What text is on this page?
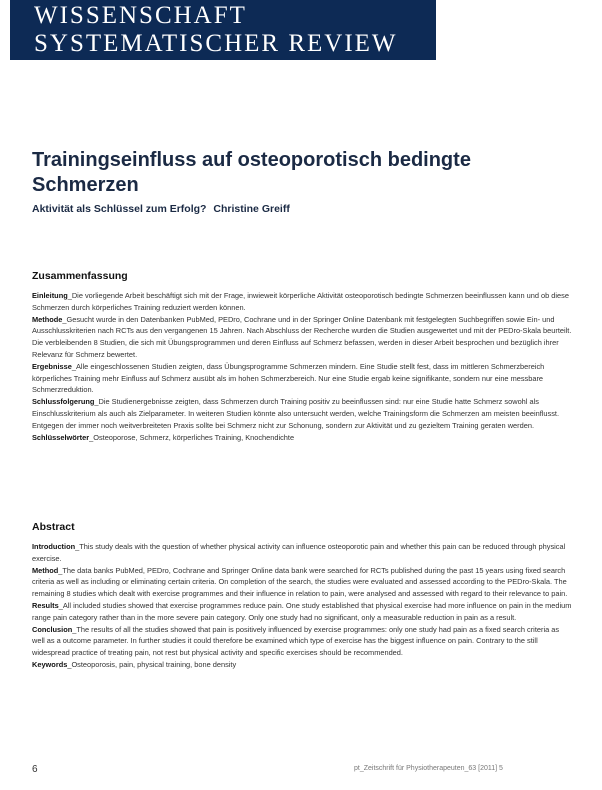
WISSENSCHAFT
SYSTEMATISCHER REVIEW
Trainingseinfluss auf osteoporotisch bedingte Schmerzen
Aktivität als Schlüssel zum Erfolg? Christine Greiff
Zusammenfassung

Einleitung_Die vorliegende Arbeit beschäftigt sich mit der Frage, inwieweit körperliche Aktivität osteoporotisch bedingte Schmerzen beeinflussen kann und ob diese Schmerzen durch körperliches Training reduziert werden können.

Methode_Gesucht wurde in den Datenbanken PubMed, PEDro, Cochrane und in der Springer Online Datenbank mit festgelegten Suchbegriffen sowie Ein- und Ausschlusskriterien nach RCTs aus den vergangenen 15 Jahren. Nach Abschluss der Recherche wurden die Studien ausgewertet und mit der PEDro-Skala beurteilt. Die verbleibenden 8 Studien, die sich mit Übungsprogrammen und deren Einfluss auf Schmerz befassen, werden in dieser Arbeit besprochen und bezüglich ihrer Relevanz für Schmerz bewertet.

Ergebnisse_Alle eingeschlossenen Studien zeigten, dass Übungsprogramme Schmerzen mindern. Eine Studie stellt fest, dass im mittleren Schmerzbereich körperliches Training mehr Einfluss auf Schmerz ausübt als im hohen Schmerzbereich. Nur eine Studie ergab keine signifikante, sondern nur eine messbare Schmerzreduktion.

Schlussfolgerung_Die Studienergebnisse zeigten, dass Schmerzen durch Training positiv zu beeinflussen sind: nur eine Studie hatte Schmerz sowohl als Einschlusskriterium als auch als Zielparameter. In weiteren Studien könnte also untersucht werden, welche Trainingsform die Schmerzen am meisten beeinflusst. Entgegen der immer noch weitverbreiteten Praxis sollte bei Schmerz nicht zur Schonung, sondern zur Aktivität und zu gezieltem Training geraten werden.

Schlüsselwörter_Osteoporose, Schmerz, körperliches Training, Knochendichte

Abstract

Introduction_This study deals with the question of whether physical activity can influence osteoporotic pain and whether this pain can be reduced through physical exercise.

Method_The data banks PubMed, PEDro, Cochrane and Springer Online data bank were searched for RCTs published during the past 15 years using fixed search criteria as well as including or eliminating certain criteria. On completion of the search, the studies were evaluated and assessed according to the PEDro-Skala. The remaining 8 studies which dealt with exercise programmes and their influence in relation to pain, were analysed and assessed with regard to their relevance to pain.

Results_All included studies showed that exercise programmes reduce pain. One study established that physical exercise had more influence on pain in the medium range pain category rather than in the more severe pain category. Only one study had no significant, only a measurable reduction in pain as a result.

Conclusion_The results of all the studies showed that pain is positively influenced by exercise programmes: only one study had pain as a fixed search criteria as well as a outcome parameter. In further studies it could therefore be examined which type of exercise has the biggest influence on pain. Contrary to the still widespread practice of treating pain, not rest but physical activity and specific exercises should be recommended.

Keywords_Osteoporosis, pain, physical training, bone density

6	pt_Zeitschrift für Physiotherapeuten_63 [2011] 5
